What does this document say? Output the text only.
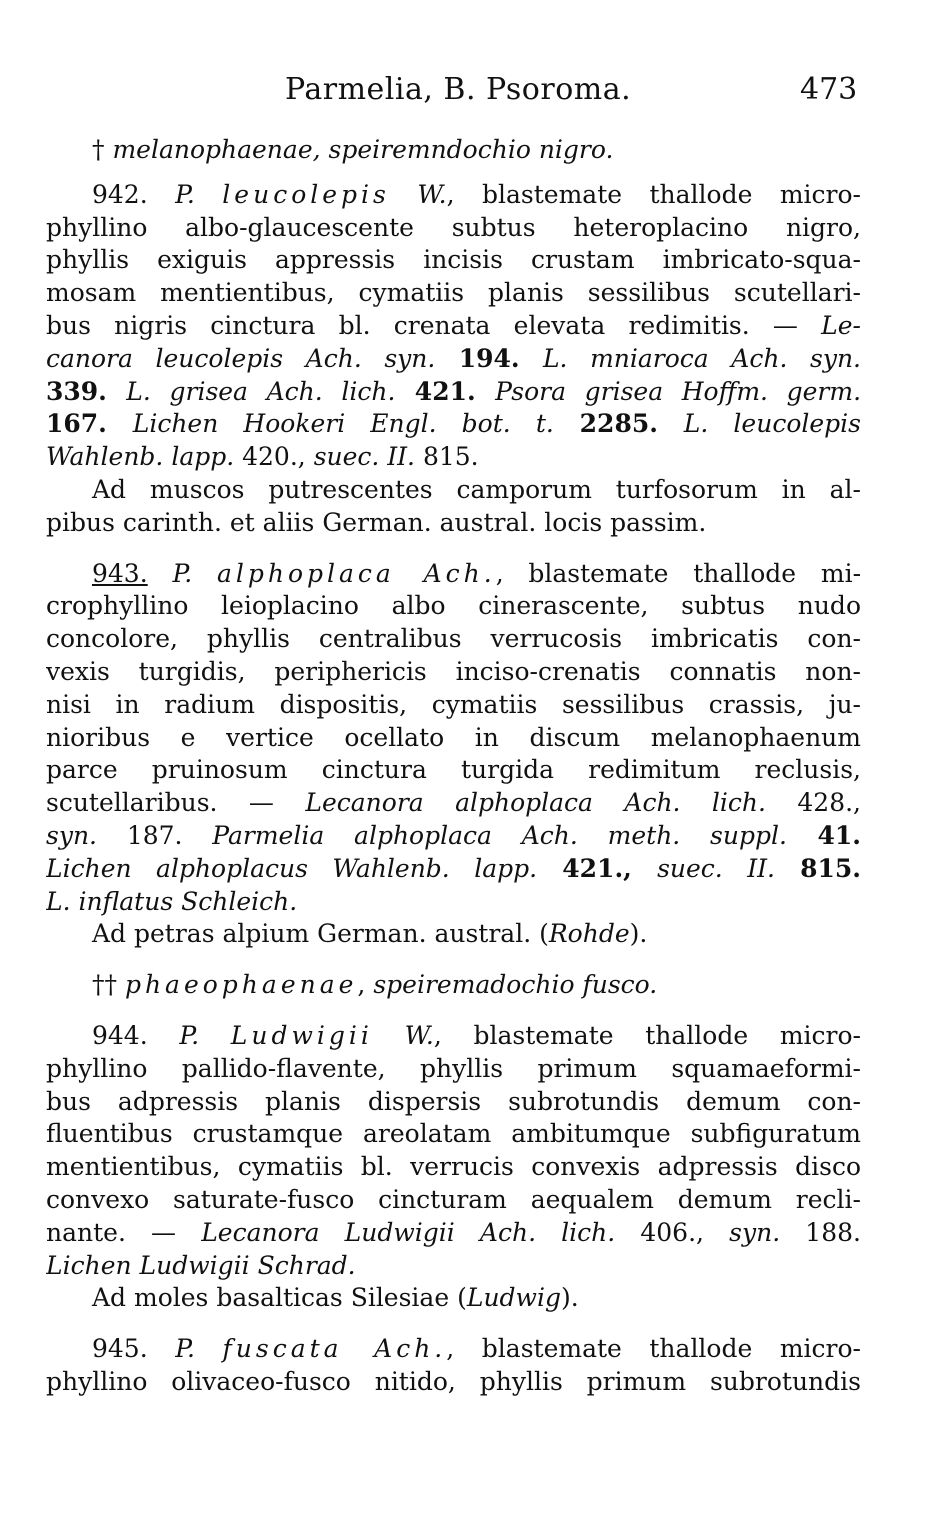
Parmelia, B. Psoroma.	473
† melanophaenae, speiremndochio nigro.
942. P. leucolepis W., blastemate thallode micro-
phyllino albo-glaucescente subtus heteroplacino nigro,
phyllis exiguis appressis incisis crustam imbricato-squa-
mosam mentientibus, cymatiis planis sessilibus scutellari-
bus nigris cinctura bl. crenata elevata redimitis. — Le-
canora leucolepis Ach. syn. 194. L. mniaroca Ach. syn.
339. L. grisea Ach. lich. 421. Psora grisea Hoffm. germ.
167. Lichen Hookeri Engl. bot. t. 2285. L. leucolepis
Wahlenb. lapp. 420., suec. II. 815.
Ad muscos putrescentes camporum turfosorum in al-
pibus carinth. et aliis German. austral. locis passim.
943. P. alphoplaca Ach., blastemate thallode mi-
crophyllino leioplacino albo cinerascente, subtus nudo
concolore, phyllis centralibus verrucosis imbricatis con-
vexis turgidis, periphericis inciso-crenatis connatis non-
nisi in radium dispositis, cymatiis sessilibus crassis, ju-
nioribus e vertice ocellato in discum melanophaenum
parce pruinosum cinctura turgida redimitum reclusis,
scutellaribus. — Lecanora alphoplaca Ach. lich. 428.,
syn. 187. Parmelia alphoplaca Ach. meth. suppl. 41.
Lichen alphoplacus Wahlenb. lapp. 421., suec. II. 815.
L. inflatus Schleich.
Ad petras alpium German. austral. (Rohde).
†† phaeophaenae, speiremadochio fusco.
944. P. Ludwigii W., blastemate thallode micro-
phyllino pallido-flavente, phyllis primum squamaeformi-
bus adpressis planis dispersis subrotundis demum con-
fluentibus crustamque areolatam ambitumque subfiguratum
mentientibus, cymatiis bl. verrucis convexis adpressis disco
convexo saturate-fusco cincturam aequalem demum recli-
nante. — Lecanora Ludwigii Ach. lich. 406., syn. 188.
Lichen Ludwigii Schrad.
Ad moles basalticas Silesiae (Ludwig).
945. P. fuscata Ach., blastemate thallode micro-
phyllino olivaceo-fusco nitido, phyllis primum subrotundis
